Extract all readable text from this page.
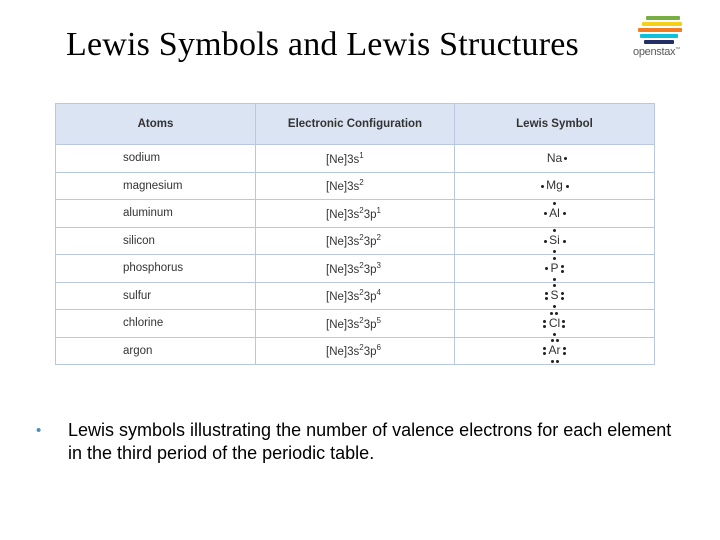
Lewis Symbols and Lewis Structures	openstax™
Atoms	Electronic Configuration	Lewis Symbol
sodium	$[Ne]3s^1$	Na

magnesium	$[Ne]3s^2$	Mg

aluminum	$[Ne]3s^23p^1$	Al

silicon	$[Ne]3s^23p^2$	Si

phosphorus	$[Ne]3s^23p^3$	P

sulfur	$[Ne]3s^23p^4$	S

chlorine	$[Ne]3s^23p^5$	Cl

argon	$[Ne]3s^23p^6$	Ar
• Lewis symbols illustrating the number of valence electrons for each element in the third period of the periodic table.
